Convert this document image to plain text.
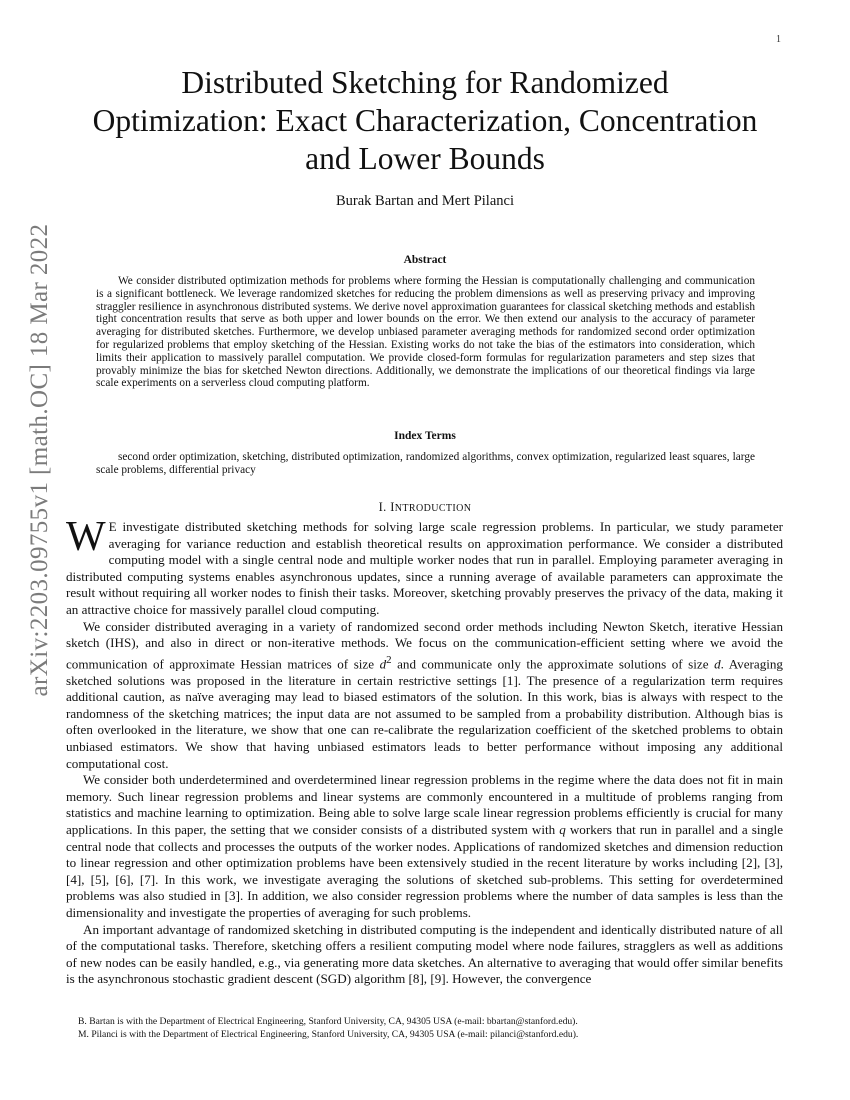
1
arXiv:2203.09755v1 [math.OC] 18 Mar 2022
Distributed Sketching for Randomized
Optimization: Exact Characterization, Concentration
and Lower Bounds
Burak Bartan and Mert Pilanci
Abstract

We consider distributed optimization methods for problems where forming the Hessian is computationally challenging and communication is a significant bottleneck. We leverage randomized sketches for reducing the problem dimensions as well as preserving privacy and improving straggler resilience in asynchronous distributed systems. We derive novel approximation guarantees for classical sketching methods and establish tight concentration results that serve as both upper and lower bounds on the error. We then extend our analysis to the accuracy of parameter averaging for distributed sketches. Furthermore, we develop unbiased parameter averaging methods for randomized second order optimization for regularized problems that employ sketching of the Hessian. Existing works do not take the bias of the estimators into consideration, which limits their application to massively parallel computation. We provide closed-form formulas for regularization parameters and step sizes that provably minimize the bias for sketched Newton directions. Additionally, we demonstrate the implications of our theoretical findings via large scale experiments on a serverless cloud computing platform.

Index Terms

second order optimization, sketching, distributed optimization, randomized algorithms, convex optimization, regularized least squares, large scale problems, differential privacy

I. INTRODUCTION

W E investigate distributed sketching methods for solving large scale regression problems. In particular, we study parameter averaging for variance reduction and establish theoretical results on approximation performance. We consider a distributed computing model with a single central node and multiple worker nodes that run in parallel. Employing parameter averaging in distributed computing systems enables asynchronous updates, since a running average of available parameters can approximate the result without requiring all worker nodes to finish their tasks. Moreover, sketching provably preserves the privacy of the data, making it an attractive choice for massively parallel cloud computing.

We consider distributed averaging in a variety of randomized second order methods including Newton Sketch, iterative Hessian sketch (IHS), and also in direct or non-iterative methods. We focus on the communication-efficient setting where we avoid the communication of approximate Hessian matrices of size $d^2$ and communicate only the approximate solutions of size d. Averaging sketched solutions was proposed in the literature in certain restrictive settings [1]. The presence of a regularization term requires additional caution, as naïve averaging may lead to biased estimators of the solution. In this work, bias is always with respect to the randomness of the sketching matrices; the input data are not assumed to be sampled from a probability distribution. Although bias is often overlooked in the literature, we show that one can re-calibrate the regularization coefficient of the sketched problems to obtain unbiased estimators. We show that having unbiased estimators leads to better performance without imposing any additional computational cost.

We consider both underdetermined and overdetermined linear regression problems in the regime where the data does not fit in main memory. Such linear regression problems and linear systems are commonly encountered in a multitude of problems ranging from statistics and machine learning to optimization. Being able to solve large scale linear regression problems efficiently is crucial for many applications. In this paper, the setting that we consider consists of a distributed system with q workers that run in parallel and a single central node that collects and processes the outputs of the worker nodes. Applications of randomized sketches and dimension reduction to linear regression and other optimization problems have been extensively studied in the recent literature by works including [2], [3], [4], [5], [6], [7]. In this work, we investigate averaging the solutions of sketched sub-problems. This setting for overdetermined problems was also studied in [3]. In addition, we also consider regression problems where the number of data samples is less than the dimensionality and investigate the properties of averaging for such problems.

An important advantage of randomized sketching in distributed computing is the independent and identically distributed nature of all of the computational tasks. Therefore, sketching offers a resilient computing model where node failures, stragglers as well as additions of new nodes can be easily handled, e.g., via generating more data sketches. An alternative to averaging that would offer similar benefits is the asynchronous stochastic gradient descent (SGD) algorithm [8], [9]. However, the convergence

B. Bartan is with the Department of Electrical Engineering, Stanford University, CA, 94305 USA (e-mail: bbartan@stanford.edu).
M. Pilanci is with the Department of Electrical Engineering, Stanford University, CA, 94305 USA (e-mail: pilanci@stanford.edu).
